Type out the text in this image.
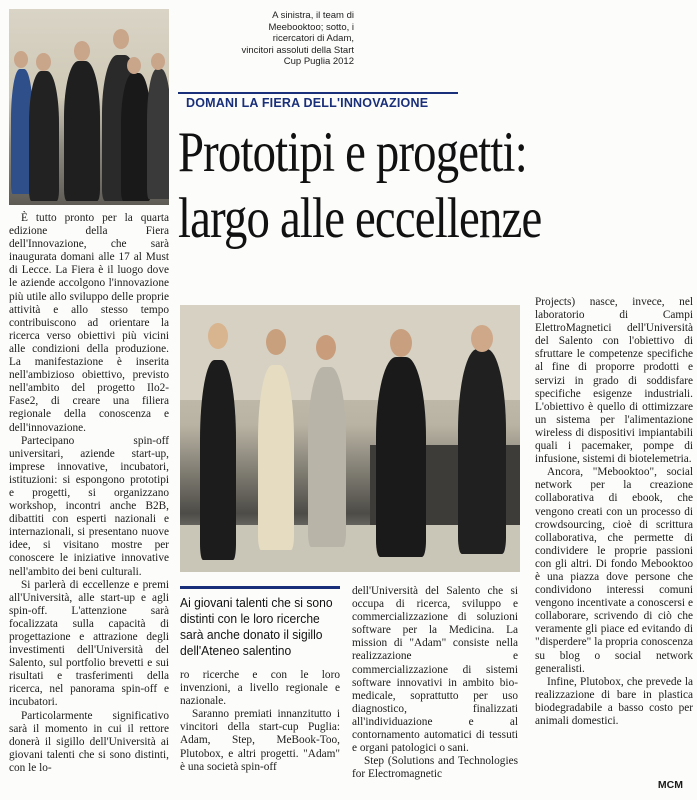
A sinistra, il team di Meebooktoo; sotto, i ricercatori di Adam, vincitori assoluti della Start Cup Puglia 2012
DOMANI LA FIERA DELL'INNOVAZIONE
Prototipi e progetti:
largo alle eccellenze

È tutto pronto per la quarta edizione della Fiera dell'Innovazione, che sarà inaugurata domani alle 17 al Must di Lecce. La Fiera è il luogo dove le aziende accolgono l'innovazione più utile allo sviluppo delle proprie attività e allo stesso tempo contribuiscono ad orientare la ricerca verso obiettivi più vicini alle condizioni della produzione. La manifestazione è inserita nell'ambizioso obiettivo, previsto nell'ambito del progetto Ilo2-Fase2, di creare una filiera regionale della conoscenza e dell'innovazione.

Partecipano spin-off universitari, aziende start-up, imprese innovative, incubatori, istituzioni: si espongono prototipi e progetti, si organizzano workshop, incontri anche B2B, dibattiti con esperti nazionali e internazionali, si presentano nuove idee, si visitano mostre per conoscere le iniziative innovative nell'ambito dei beni culturali.

Si parlerà di eccellenze e premi all'Università, alle start-up e agli spin-off. L'attenzione sarà focalizzata sulla capacità di progettazione e attrazione degli investimenti dell'Università del Salento, sul portfolio brevetti e sui risultati e trasferimenti della ricerca, nel panorama spin-off e incubatori.

Particolarmente significativo sarà il momento in cui il rettore donerà il sigillo dell'Università ai giovani talenti che si sono distinti, con le lo-

Ai giovani talenti che si sono distinti con le loro ricerche sarà anche donato il sigillo dell'Ateneo salentino

ro ricerche e con le loro invenzioni, a livello regionale e nazionale.

Saranno premiati innanzitutto i vincitori della start-cup Puglia: Adam, Step, MeBook-Too, Plutobox, e altri progetti. "Adam" è una società spin-off

dell'Università del Salento che si occupa di ricerca, sviluppo e commercializzazione di soluzioni software per la Medicina. La mission di "Adam" consiste nella realizzazione e commercializzazione di sistemi software innovativi in ambito bio-medicale, soprattutto per uso diagnostico, finalizzati all'individuazione e al contornamento automatici di tessuti e organi patologici o sani.

Step (Solutions and Technologies for Electromagnetic

Projects) nasce, invece, nel laboratorio di Campi ElettroMagnetici dell'Università del Salento con l'obiettivo di sfruttare le competenze specifiche al fine di proporre prodotti e servizi in grado di soddisfare specifiche esigenze industriali. L'obiettivo è quello di ottimizzare un sistema per l'alimentazione wireless di dispositivi impiantabili quali i pacemaker, pompe di infusione, sistemi di biotelemetria.

Ancora, "Mebooktoo", social network per la creazione collaborativa di ebook, che vengono creati con un processo di crowdsourcing, cioè di scrittura collaborativa, che permette di condividere le proprie passioni con gli altri. Di fondo Mebooktoo è una piazza dove persone che condividono interessi comuni vengono incentivate a conoscersi e collaborare, scrivendo di ciò che veramente gli piace ed evitando di "disperdere" la propria conoscenza su blog o social network generalisti.

Infine, Plutobox, che prevede la realizzazione di bare in plastica biodegradabile a basso costo per animali domestici.

MCM
